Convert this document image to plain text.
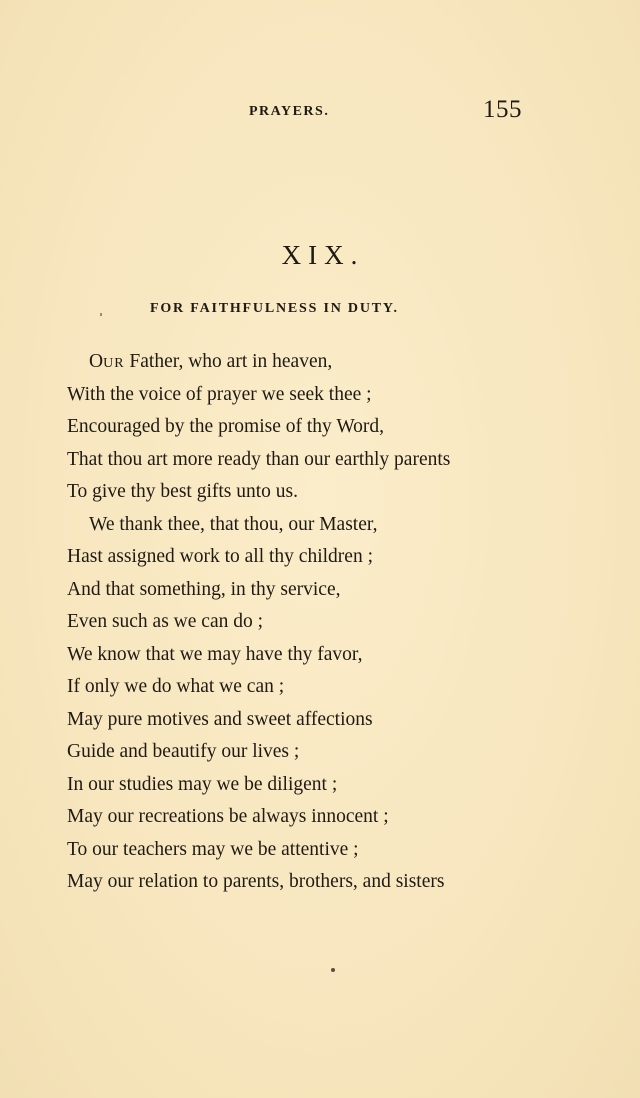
PRAYERS.	155
XIX.
FOR FAITHFULNESS IN DUTY.
OUR Father, who art in heaven,
With the voice of prayer we seek thee ;
Encouraged by the promise of thy Word,
That thou art more ready than our earthly parents
To give thy best gifts unto us.
We thank thee, that thou, our Master,
Hast assigned work to all thy children ;
And that something, in thy service,
Even such as we can do ;
We know that we may have thy favor,
If only we do what we can ;
May pure motives and sweet affections
Guide and beautify our lives ;
In our studies may we be diligent ;
May our recreations be always innocent ;
To our teachers may we be attentive ;
May our relation to parents, brothers, and sisters
